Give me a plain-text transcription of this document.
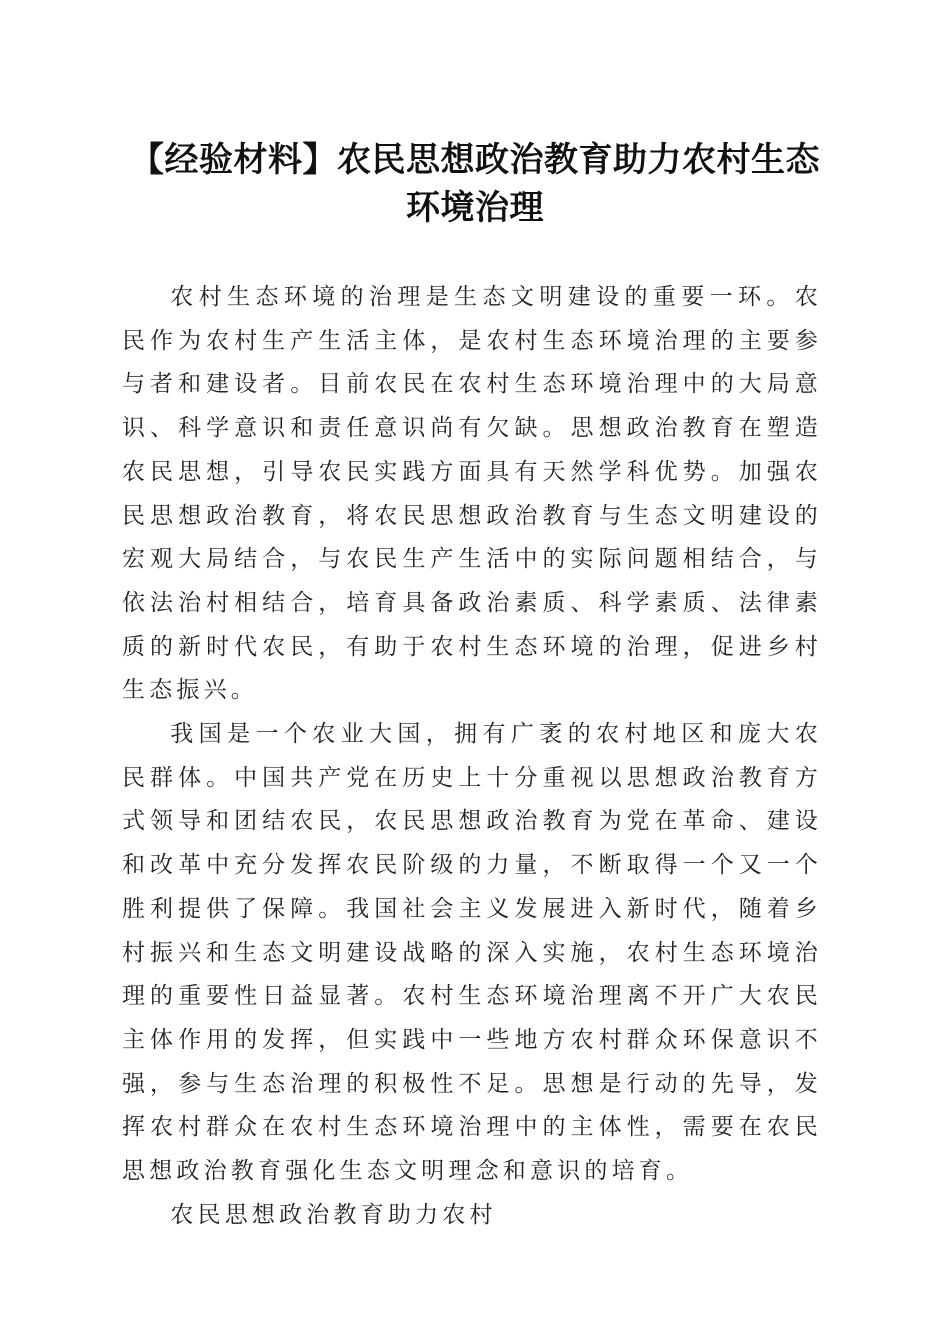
【经验材料】农民思想政治教育助力农村生态
环境治理

农村生态环境的治理是生态文明建设的重要一环。农民作为农村生产生活主体，是农村生态环境治理的主要参与者和建设者。目前农民在农村生态环境治理中的大局意识、科学意识和责任意识尚有欠缺。思想政治教育在塑造农民思想，引导农民实践方面具有天然学科优势。加强农民思想政治教育，将农民思想政治教育与生态文明建设的宏观大局结合，与农民生产生活中的实际问题相结合，与依法治村相结合，培育具备政治素质、科学素质、法律素质的新时代农民，有助于农村生态环境的治理，促进乡村生态振兴。

我国是一个农业大国，拥有广袤的农村地区和庞大农民群体。中国共产党在历史上十分重视以思想政治教育方式领导和团结农民，农民思想政治教育为党在革命、建设和改革中充分发挥农民阶级的力量，不断取得一个又一个胜利提供了保障。我国社会主义发展进入新时代，随着乡村振兴和生态文明建设战略的深入实施，农村生态环境治理的重要性日益显著。农村生态环境治理离不开广大农民主体作用的发挥，但实践中一些地方农村群众环保意识不强，参与生态治理的积极性不足。思想是行动的先导，发挥农村群众在农村生态环境治理中的主体性，需要在农民思想政治教育强化生态文明理念和意识的培育。

农民思想政治教育助力农村
